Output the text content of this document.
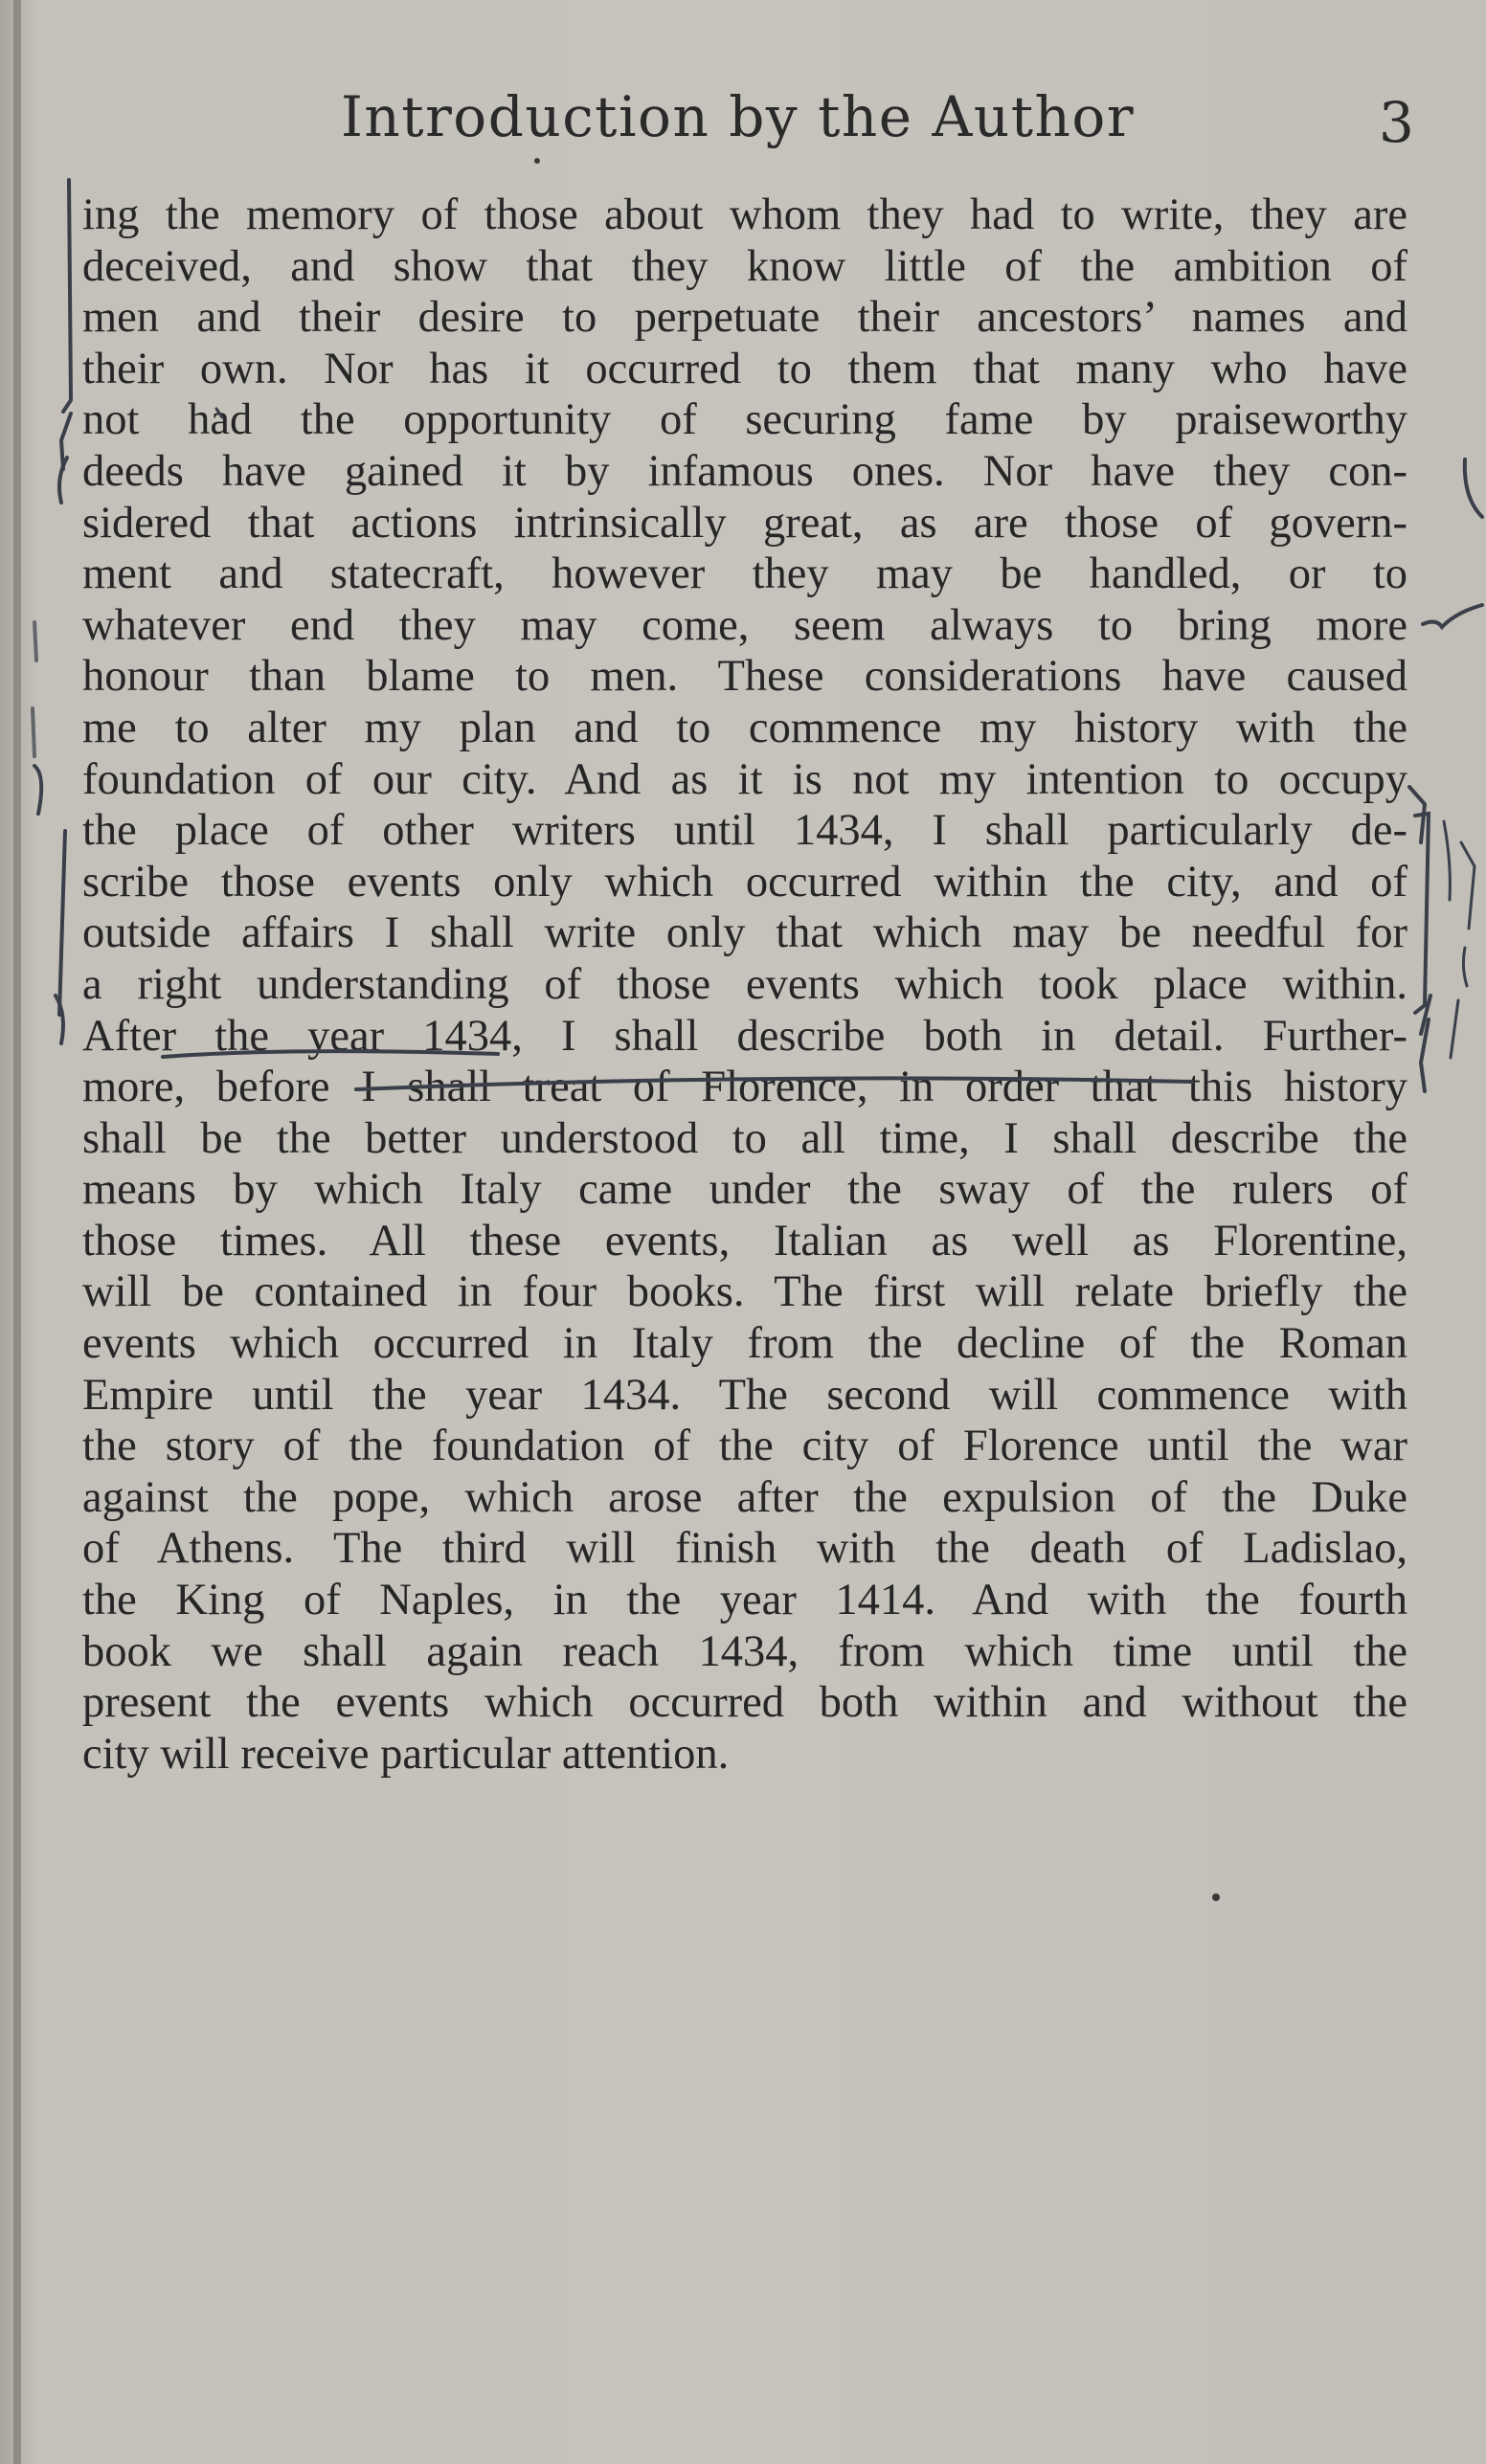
Introduction by the Author	3
ing the memory of those about whom they had to write, they are
deceived, and show that they know little of the ambition of
men and their desire to perpetuate their ancestors’ names and
their own. Nor has it occurred to them that many who have
not had the opportunity of securing fame by praiseworthy
deeds have gained it by infamous ones. Nor have they con-
sidered that actions intrinsically great, as are those of govern-
ment and statecraft, however they may be handled, or to
whatever end they may come, seem always to bring more
honour than blame to men. These considerations have caused
me to alter my plan and to commence my history with the
foundation of our city. And as it is not my intention to occupy
the place of other writers until 1434, I shall particularly de-
scribe those events only which occurred within the city, and of
outside affairs I shall write only that which may be needful for
a right understanding of those events which took place within.
After the year 1434, I shall describe both in detail. Further-
more, before I shall treat of Florence, in order that this history
shall be the better understood to all time, I shall describe the
means by which Italy came under the sway of the rulers of
those times. All these events, Italian as well as Florentine,
will be contained in four books. The first will relate briefly the
events which occurred in Italy from the decline of the Roman
Empire until the year 1434. The second will commence with
the story of the foundation of the city of Florence until the war
against the pope, which arose after the expulsion of the Duke
of Athens. The third will finish with the death of Ladislao,
the King of Naples, in the year 1414. And with the fourth
book we shall again reach 1434, from which time until the
present the events which occurred both within and without the
city will receive particular attention.
